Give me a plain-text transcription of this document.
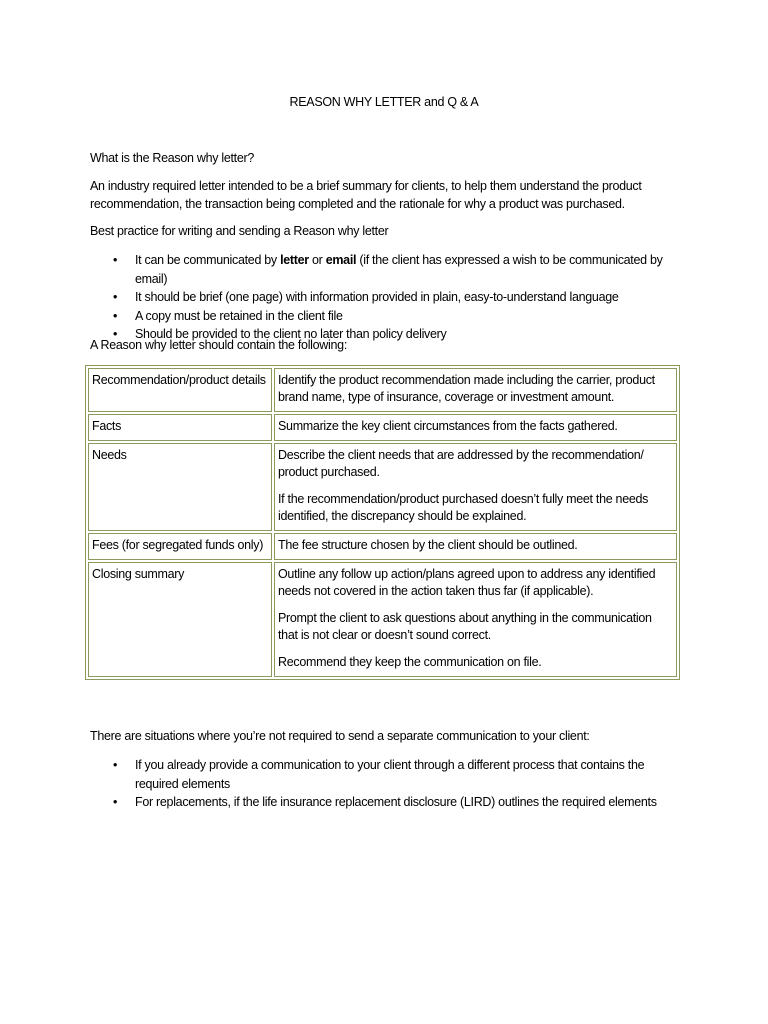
REASON WHY LETTER and Q & A
What is the Reason why letter?
An industry required letter intended to be a brief summary for clients, to help them understand the product recommendation, the transaction being completed and the rationale for why a product was purchased.
Best practice for writing and sending a Reason why letter
• It can be communicated by letter or email (if the client has expressed a wish to be communicated by email)
• It should be brief (one page) with information provided in plain, easy-to-understand language
• A copy must be retained in the client file
• Should be provided to the client no later than policy delivery
A Reason why letter should contain the following:
Recommendation/product details	Identify the product recommendation made including the carrier, product brand name, type of insurance, coverage or investment amount.

Facts	Summarize the key client circumstances from the facts gathered.

Needs	Describe the client needs that are addressed by the recommendation/ product purchased.

If the recommendation/product purchased doesn’t fully meet the needs identified, the discrepancy should be explained.

Fees (for segregated funds only)	The fee structure chosen by the client should be outlined.

Closing summary	Outline any follow up action/plans agreed upon to address any identified needs not covered in the action taken thus far (if applicable).

Prompt the client to ask questions about anything in the communication that is not clear or doesn’t sound correct.

Recommend they keep the communication on file.

There are situations where you’re not required to send a separate communication to your client:
• If you already provide a communication to your client through a different process that contains the required elements
• For replacements, if the life insurance replacement disclosure (LIRD) outlines the required elements
